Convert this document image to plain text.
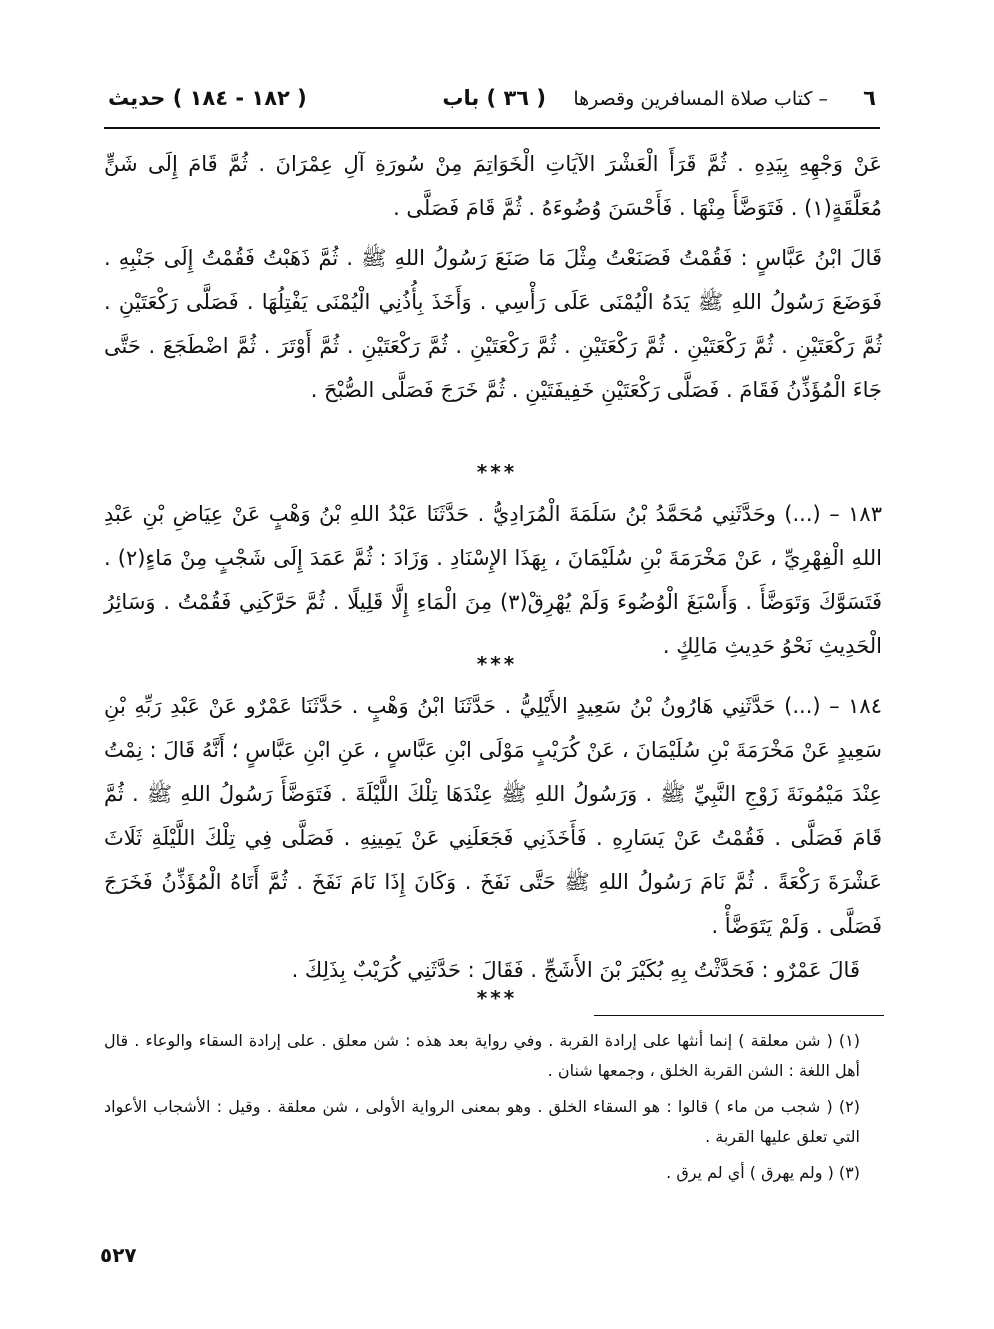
٦
– كتاب صلاة المسافرين وقصرها
( ٣٦ ) باب
( ١٨٢ - ١٨٤ ) حديث

عَنْ وَجْهِهِ بِيَدِهِ . ثُمَّ قَرَأَ الْعَشْرَ الآيَاتِ الْخَوَاتِمَ مِنْ سُورَةِ آلِ عِمْرَانَ . ثُمَّ قَامَ إِلَى شَنٍّ مُعَلَّقَةٍ(١) . فَتَوَضَّأَ مِنْهَا . فَأَحْسَنَ وُضُوءَهُ . ثُمَّ قَامَ فَصَلَّى .

قَالَ ابْنُ عَبَّاسٍ : فَقُمْتُ فَصَنَعْتُ مِثْلَ مَا صَنَعَ رَسُولُ اللهِ ﷺ . ثُمَّ ذَهَبْتُ فَقُمْتُ إِلَى جَنْبِهِ . فَوَضَعَ رَسُولُ اللهِ ﷺ يَدَهُ الْيُمْنَى عَلَى رَأْسِي . وَأَخَذَ بِأُذُنِي الْيُمْنَى يَفْتِلُهَا . فَصَلَّى رَكْعَتَيْنِ . ثُمَّ رَكْعَتَيْنِ . ثُمَّ رَكْعَتَيْنِ . ثُمَّ رَكْعَتَيْنِ . ثُمَّ رَكْعَتَيْنِ . ثُمَّ رَكْعَتَيْنِ . ثُمَّ أَوْتَرَ . ثُمَّ اضْطَجَعَ . حَتَّى جَاءَ الْمُؤَذِّنُ فَقَامَ . فَصَلَّى رَكْعَتَيْنِ خَفِيفَتَيْنِ . ثُمَّ خَرَجَ فَصَلَّى الصُّبْحَ .

***

١٨٣ – (...) وحَدَّثَنِي مُحَمَّدُ بْنُ سَلَمَةَ الْمُرَادِيُّ . حَدَّثَنَا عَبْدُ اللهِ بْنُ وَهْبٍ عَنْ عِيَاضِ بْنِ عَبْدِ اللهِ الْفِهْرِيِّ ، عَنْ مَخْرَمَةَ بْنِ سُلَيْمَانَ ، بِهَذَا الإِسْنَادِ . وَزَادَ : ثُمَّ عَمَدَ إِلَى شَجْبٍ مِنْ مَاءٍ(٢) . فَتَسَوَّكَ وَتَوَضَّأَ . وَأَسْبَغَ الْوُضُوءَ وَلَمْ يُهْرِقْ(٣) مِنَ الْمَاءِ إِلَّا قَلِيلًا . ثُمَّ حَرَّكَنِي فَقُمْتُ . وَسَائِرُ الْحَدِيثِ نَحْوُ حَدِيثِ مَالِكٍ .

***

١٨٤ – (...) حَدَّثَنِي هَارُونُ بْنُ سَعِيدٍ الأَيْلِيُّ . حَدَّثَنَا ابْنُ وَهْبٍ . حَدَّثَنَا عَمْرٌو عَنْ عَبْدِ رَبِّهِ بْنِ سَعِيدٍ عَنْ مَخْرَمَةَ بْنِ سُلَيْمَانَ ، عَنْ كُرَيْبٍ مَوْلَى ابْنِ عَبَّاسٍ ، عَنِ ابْنِ عَبَّاسٍ ؛ أَنَّهُ قَالَ : نِمْتُ عِنْدَ مَيْمُونَةَ زَوْجِ النَّبِيِّ ﷺ . وَرَسُولُ اللهِ ﷺ عِنْدَهَا تِلْكَ اللَّيْلَةَ . فَتَوَضَّأَ رَسُولُ اللهِ ﷺ . ثُمَّ قَامَ فَصَلَّى . فَقُمْتُ عَنْ يَسَارِهِ . فَأَخَذَنِي فَجَعَلَنِي عَنْ يَمِينِهِ . فَصَلَّى فِي تِلْكَ اللَّيْلَةِ ثَلَاثَ عَشْرَةَ رَكْعَةً . ثُمَّ نَامَ رَسُولُ اللهِ ﷺ حَتَّى نَفَخَ . وَكَانَ إِذَا نَامَ نَفَخَ . ثُمَّ أَتَاهُ الْمُؤَذِّنُ فَخَرَجَ فَصَلَّى . وَلَمْ يَتَوَضَّأْ .

قَالَ عَمْرٌو : فَحَدَّثْتُ بِهِ بُكَيْرَ بْنَ الأَشَجِّ . فَقَالَ : حَدَّثَنِي كُرَيْبٌ بِذَلِكَ .

***

(١) ( شن معلقة ) إنما أنثها على إرادة القربة . وفي رواية بعد هذه : شن معلق . على إرادة السقاء والوعاء . قال أهل اللغة : الشن القربة الخلق ، وجمعها شنان .

(٢) ( شجب من ماء ) قالوا : هو السقاء الخلق . وهو بمعنى الرواية الأولى ، شن معلقة . وقيل : الأشجاب الأعواد التي تعلق عليها القربة .

(٣) ( ولم يهرق ) أي لم يرق .

٥٢٧
